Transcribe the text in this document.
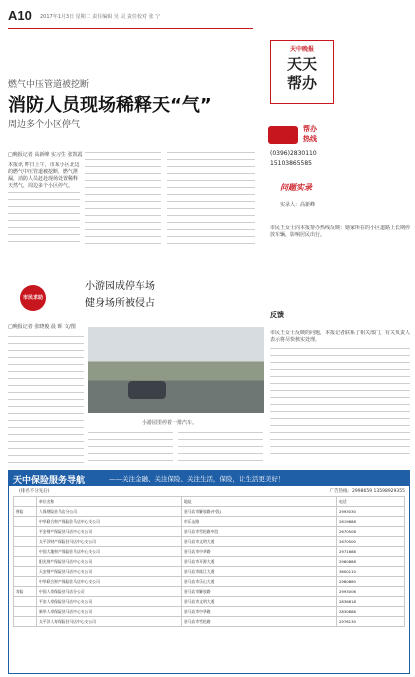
A10 2017年1月3日 星期二 责任编辑 吴 灵 责任校对 张 宁
燃气中压管道被挖断
消防人员现场稀释天“气”
周边多个小区停气
□晚报记者 高新峰 实习生 张凯霞
本报讯 昨日上午，市某小区北边的燃气中压管道被挖断，燃气泄漏，消防人员赶赴现场处置稀释天然气，周边多个小区停气。
天中晚报
天天帮办
帮办
热线
(0396)2830110
15103865585
问题实录
实录人：高新峰
市民王女士向本报帮办热线反映：她家所在的小区道路上长期停放车辆，影响居民出行。
反馈
市民王女士反映的问题，本报记者联系了相关部门，有关负责人表示将尽快核实处理。
市民求助
小游园成停车场
健身场所被侵占
□晚报记者 张晓俊 晨 晖 文/图
小游园里停着一排汽车。
天中保险服务导航	——关注金融、关注保险、关注生活，保险，让生活更美好！
(排名不分先后)	广告热线：2998659 13598929355
	单位名称	地址	电话
财险	人保财险驻马店分公司	驻马店市解放路(中段)	2993030
	中华联合财产保险驻马店中心支公司	市乐山路	2619888
	平安财产保险驻马店中心支公司	驻马店市雪松路中段	2670508
	太平洋财产保险驻马店中心支公司	驻马店市文明大道	2670500
	中国大地财产保险驻马店中心支公司	驻马店市中华路	2971688
	阳光财产保险驻马店中心支公司	驻马店市开源大道	2980888
	天安财产保险驻马店中心支公司	驻马店市练江大道	3600110
	中华联合财产保险驻马店中心支公司	驻马店市乐山大道	2980860
寿险	中国人寿保险驻马店分公司	驻马店市解放路	2993006
	平安人寿保险驻马店中心支公司	驻马店市文明大道	2836818
	新华人寿保险驻马店中心支公司	驻马店市中华路	2830888
	太平洋人寿保险驻马店中心支公司	驻马店市雪松路	2976130
